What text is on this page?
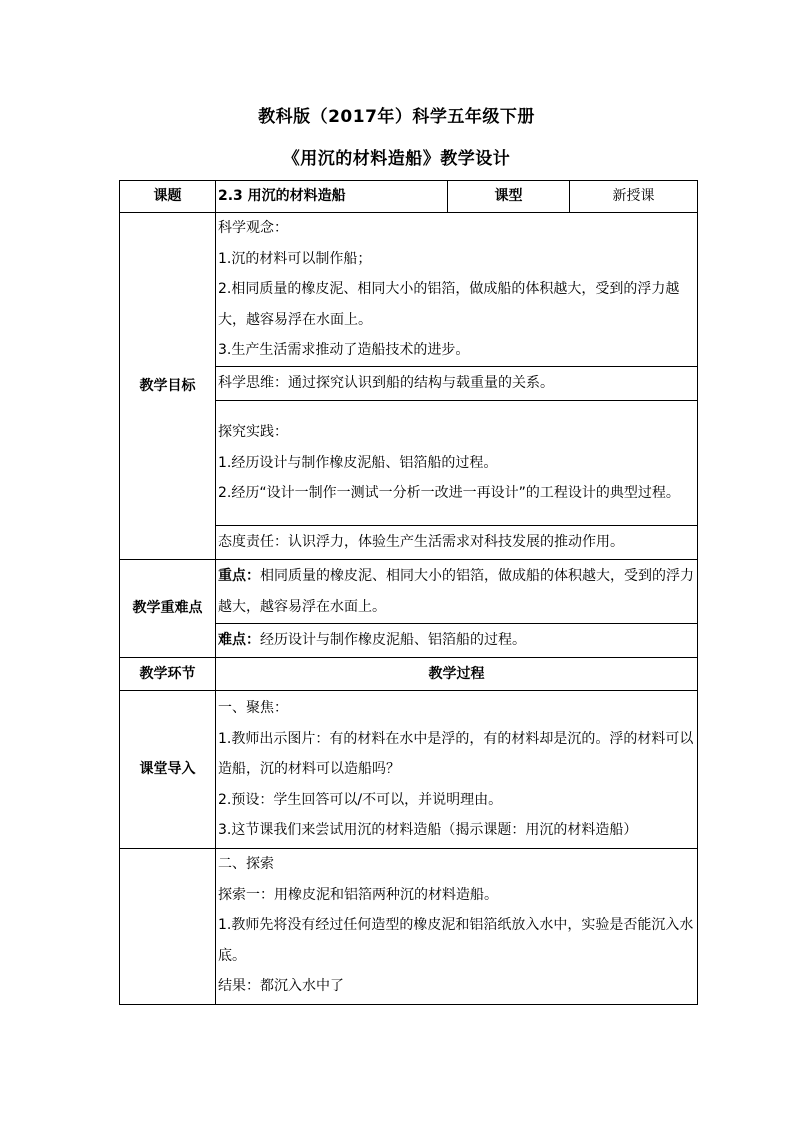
教科版（2017年）科学五年级下册
《用沉的材料造船》教学设计
课题	2.3 用沉的材料造船	课型	新授课
教学目标	科学观念：
1.沉的材料可以制作船；
2.相同质量的橡皮泥、相同大小的铝箔，做成船的体积越大，受到的浮力越大，越容易浮在水面上。
3.生产生活需求推动了造船技术的进步。		

	科学思维：通过探究认识到船的结构与载重量的关系。		

	探究实践：
1.经历设计与制作橡皮泥船、铝箔船的过程。
2.经历“设计一制作一测试一分析一改进一再设计”的工程设计的典型过程。		

	态度责任：认识浮力，体验生产生活需求对科技发展的推动作用。		
教学重难点	重点：相同质量的橡皮泥、相同大小的铝箔，做成船的体积越大，受到的浮力越大，越容易浮在水面上。		

	难点：经历设计与制作橡皮泥船、铝箔船的过程。		
教学环节	教学过程		
课堂导入	一、聚焦：
1.教师出示图片：有的材料在水中是浮的，有的材料却是沉的。浮的材料可以造船，沉的材料可以造船吗？
2.预设：学生回答可以/不可以，并说明理由。
3.这节课我们来尝试用沉的材料造船（揭示课题：用沉的材料造船）		

	二、探索
探索一：用橡皮泥和铝箔两种沉的材料造船。
1.教师先将没有经过任何造型的橡皮泥和铝箔纸放入水中，实验是否能沉入水底。
结果：都沉入水中了		
